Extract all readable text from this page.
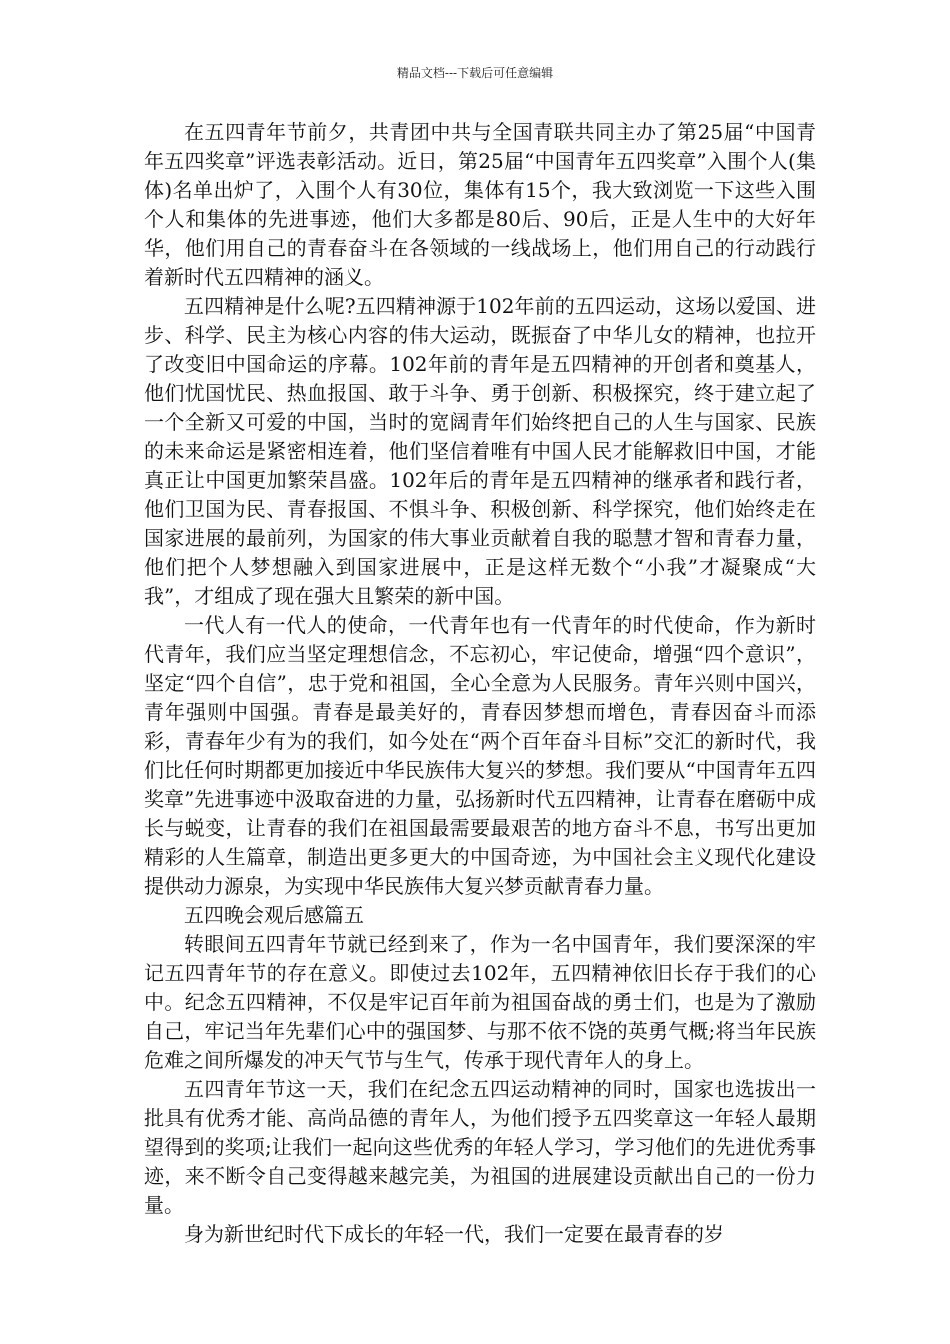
精品文档---下载后可任意编辑

在五四青年节前夕，共青团中共与全国青联共同主办了第25届“中国青年五四奖章”评选表彰活动。近日，第25届“中国青年五四奖章”入围个人(集体)名单出炉了，入围个人有30位，集体有15个，我大致浏览一下这些入围个人和集体的先进事迹，他们大多都是80后、90后，正是人生中的大好年华，他们用自己的青春奋斗在各领域的一线战场上，他们用自己的行动践行着新时代五四精神的涵义。

五四精神是什么呢?五四精神源于102年前的五四运动，这场以爱国、进步、科学、民主为核心内容的伟大运动，既振奋了中华儿女的精神，也拉开了改变旧中国命运的序幕。102年前的青年是五四精神的开创者和奠基人，他们忧国忧民、热血报国、敢于斗争、勇于创新、积极探究，终于建立起了一个全新又可爱的中国，当时的宽阔青年们始终把自己的人生与国家、民族的未来命运是紧密相连着，他们坚信着唯有中国人民才能解救旧中国，才能真正让中国更加繁荣昌盛。102年后的青年是五四精神的继承者和践行者，他们卫国为民、青春报国、不惧斗争、积极创新、科学探究，他们始终走在国家进展的最前列，为国家的伟大事业贡献着自我的聪慧才智和青春力量，他们把个人梦想融入到国家进展中，正是这样无数个“小我”才凝聚成“大我”，才组成了现在强大且繁荣的新中国。

一代人有一代人的使命，一代青年也有一代青年的时代使命，作为新时代青年，我们应当坚定理想信念，不忘初心，牢记使命，增强“四个意识”，坚定“四个自信”，忠于党和祖国，全心全意为人民服务。青年兴则中国兴，青年强则中国强。青春是最美好的，青春因梦想而增色，青春因奋斗而添彩，青春年少有为的我们，如今处在“两个百年奋斗目标”交汇的新时代，我们比任何时期都更加接近中华民族伟大复兴的梦想。我们要从“中国青年五四奖章”先进事迹中汲取奋进的力量，弘扬新时代五四精神，让青春在磨砺中成长与蜕变，让青春的我们在祖国最需要最艰苦的地方奋斗不息，书写出更加精彩的人生篇章，制造出更多更大的中国奇迹，为中国社会主义现代化建设提供动力源泉，为实现中华民族伟大复兴梦贡献青春力量。

五四晚会观后感篇五

转眼间五四青年节就已经到来了，作为一名中国青年，我们要深深的牢记五四青年节的存在意义。即使过去102年，五四精神依旧长存于我们的心中。纪念五四精神，不仅是牢记百年前为祖国奋战的勇士们，也是为了激励自己，牢记当年先辈们心中的强国梦、与那不依不饶的英勇气概;将当年民族危难之间所爆发的冲天气节与生气，传承于现代青年人的身上。

五四青年节这一天，我们在纪念五四运动精神的同时，国家也选拔出一批具有优秀才能、高尚品德的青年人，为他们授予五四奖章这一年轻人最期望得到的奖项;让我们一起向这些优秀的年轻人学习，学习他们的先进优秀事迹，来不断令自己变得越来越完美，为祖国的进展建设贡献出自己的一份力量。

身为新世纪时代下成长的年轻一代，我们一定要在最青春的岁
